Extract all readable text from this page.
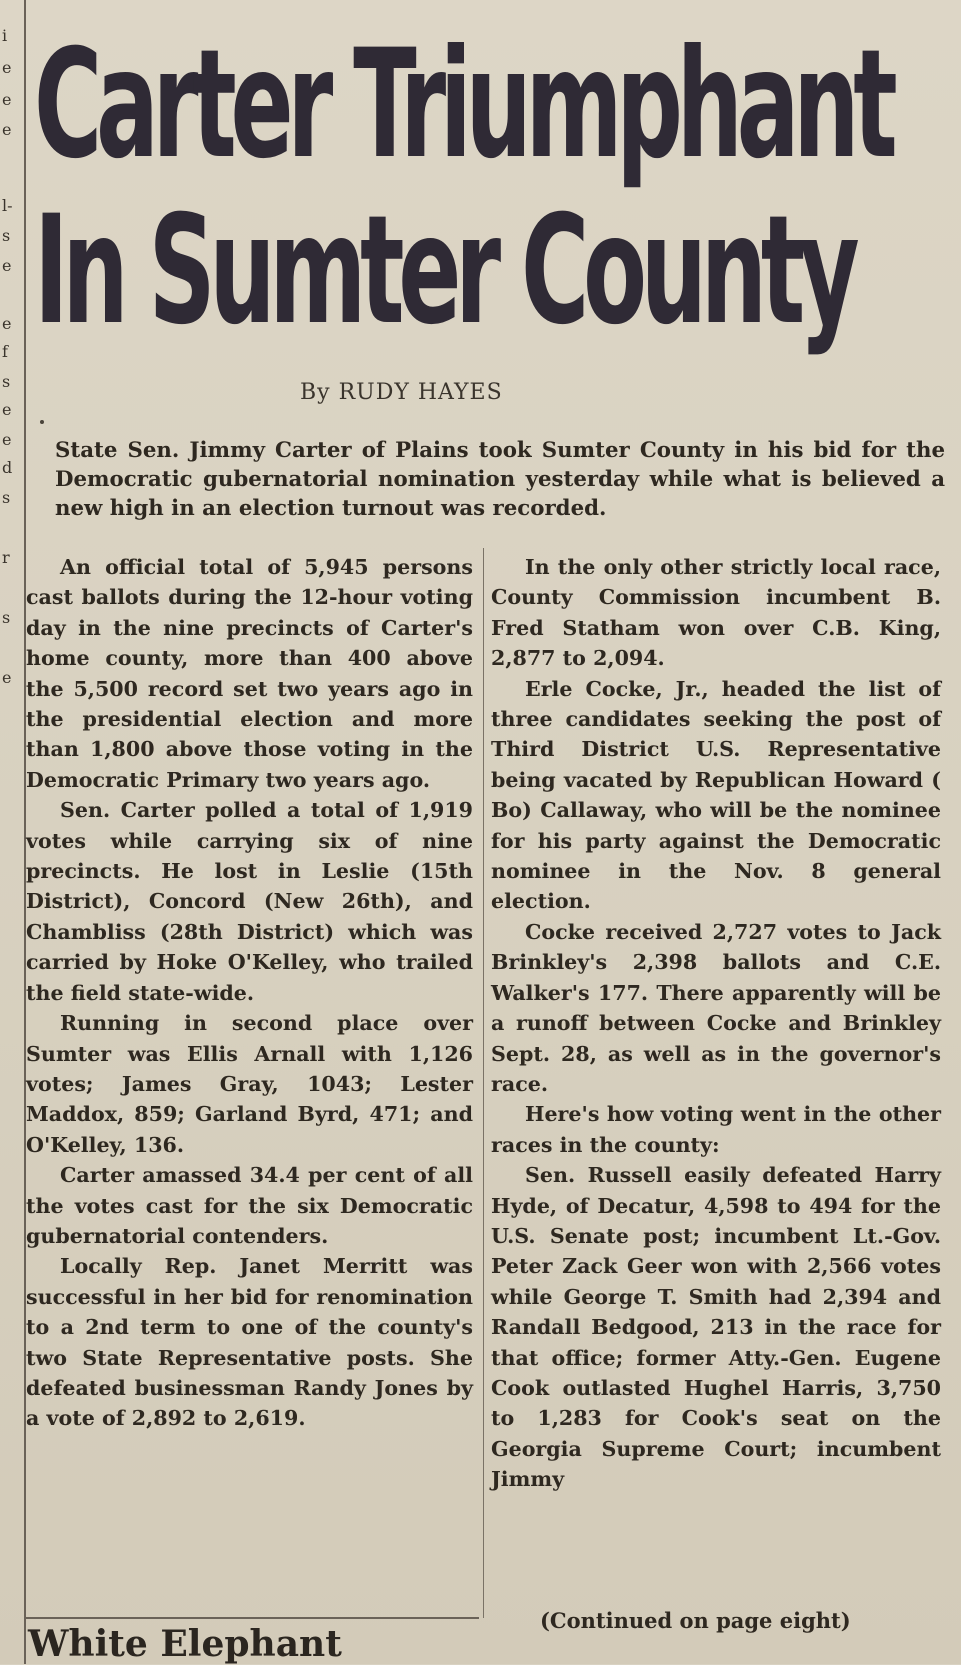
i
e
e
e
l-
s
e
e
f
s
e
e
d
s
r
s
e
Carter Triumphant
In Sumter County

By RUDY HAYES

State Sen. Jimmy Carter of Plains took Sumter County in his bid for the Democratic gubernatorial nomination yesterday while what is believed a new high in an election turnout was recorded.

An official total of 5,945 persons cast ballots during the 12-hour voting day in the nine precincts of Carter's home county, more than 400 above the 5,500 record set two years ago in the presidential election and more than 1,800 above those voting in the Democratic Primary two years ago.

Sen. Carter polled a total of 1,919 votes while carrying six of nine precincts. He lost in Leslie (15th District), Concord (New 26th), and Chambliss (28th District) which was carried by Hoke O'Kelley, who trailed the field state-wide.

Running in second place over Sumter was Ellis Arnall with 1,126 votes; James Gray, 1043; Lester Maddox, 859; Garland Byrd, 471; and O'Kelley, 136.

Carter amassed 34.4 per cent of all the votes cast for the six Democratic gubernatorial contenders.

Locally Rep. Janet Merritt was successful in her bid for renomination to a 2nd term to one of the county's two State Representative posts. She defeated businessman Randy Jones by a vote of 2,892 to 2,619.

In the only other strictly local race, County Commission incumbent B. Fred Statham won over C.B. King, 2,877 to 2,094.

Erle Cocke, Jr., headed the list of three candidates seeking the post of Third District U.S. Representative being vacated by Republican Howard ( Bo) Callaway, who will be the nominee for his party against the Democratic nominee in the Nov. 8 general election.

Cocke received 2,727 votes to Jack Brinkley's 2,398 ballots and C.E. Walker's 177. There apparently will be a runoff between Cocke and Brinkley Sept. 28, as well as in the governor's race.

Here's how voting went in the other races in the county:

Sen. Russell easily defeated Harry Hyde, of Decatur, 4,598 to 494 for the U.S. Senate post; incumbent Lt.-Gov. Peter Zack Geer won with 2,566 votes while George T. Smith had 2,394 and Randall Bedgood, 213 in the race for that office; former Atty.-Gen. Eugene Cook outlasted Hughel Harris, 3,750 to 1,283 for Cook's seat on the Georgia Supreme Court; incumbent Jimmy

(Continued on page eight)

White Elephant
